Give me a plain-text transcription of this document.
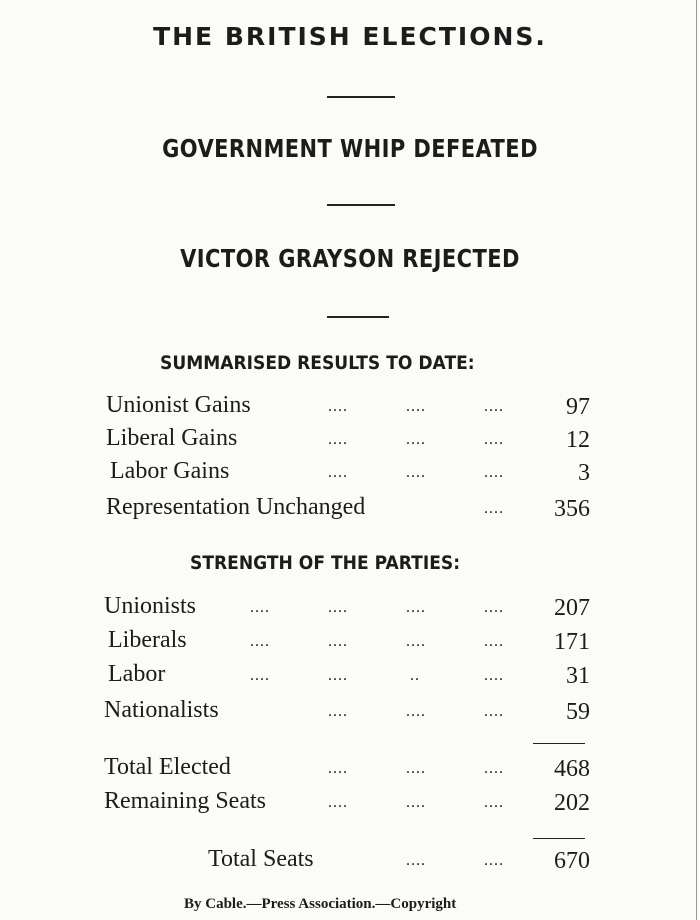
THE BRITISH ELECTIONS.
GOVERNMENT WHIP DEFEATED
VICTOR GRAYSON REJECTED
SUMMARISED RESULTS TO DATE:
Unionist Gains	....	....	....	97
Liberal Gains	....	....	....	12
Labor Gains	....	....	....	3
Representation Unchanged	.... 356
STRENGTH OF THE PARTIES:
Unionists	....	....	....	.... 207
Liberals	....	....	....	.... 171
Labor	....	....	..	....	31
Nationalists	....	....	....	59
Total Elected	....	....	.... 468
Remaining Seats	....	....	.... 202
Total Seats	....	.... 670
By Cable.—Press Association.—Copyright
